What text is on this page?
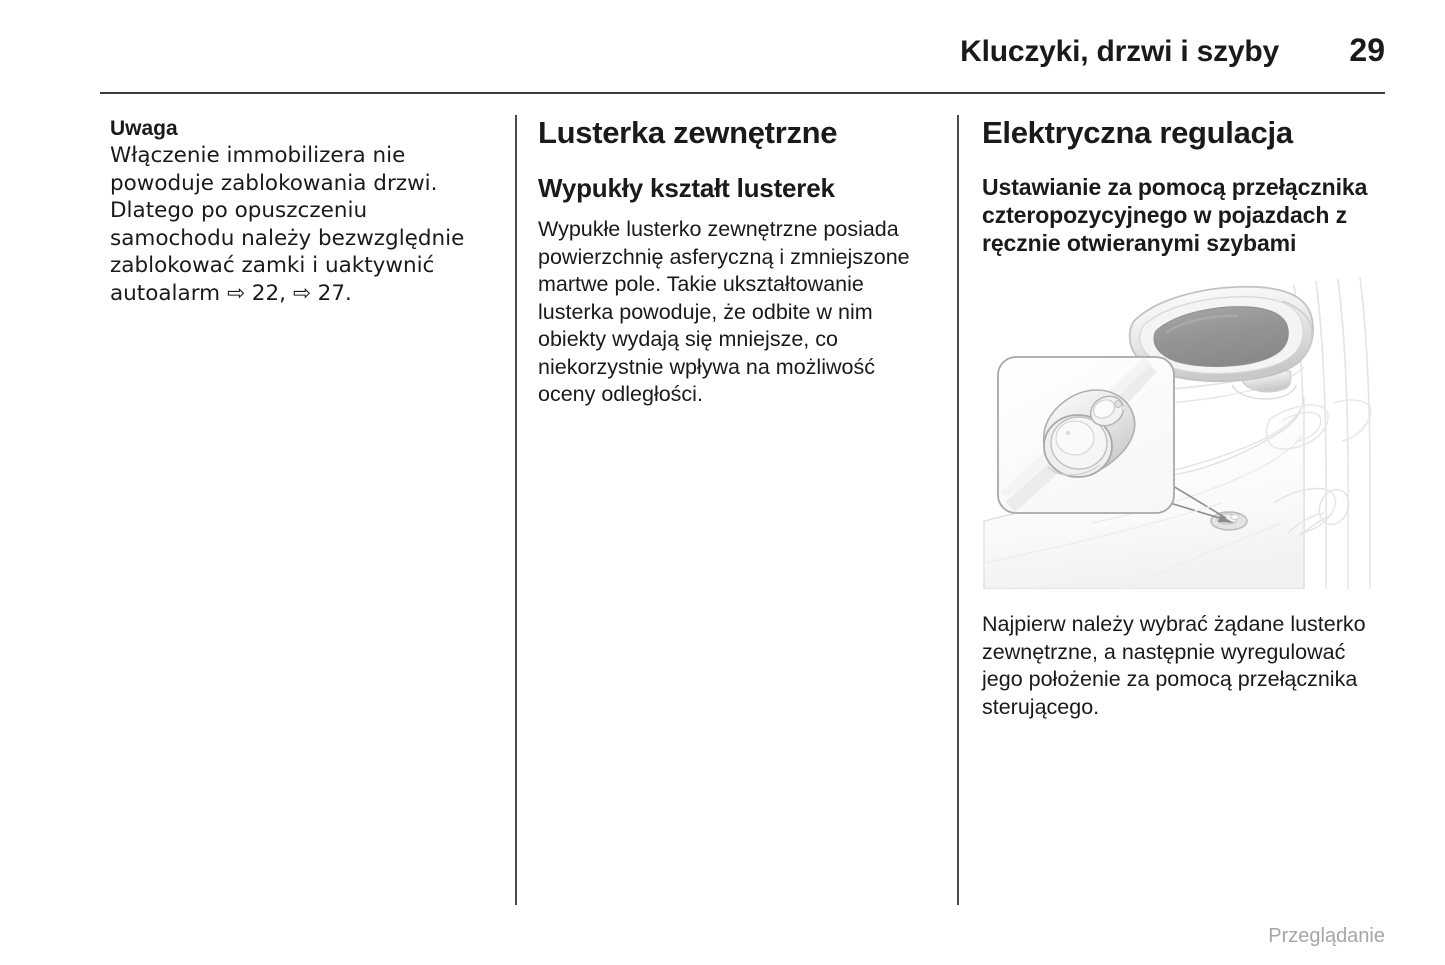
Kluczyki, drzwi i szyby	29
Uwaga

Włączenie immobilizera nie powoduje zablokowania drzwi. Dlatego po opuszczeniu samochodu należy bezwzględnie zablokować zamki i uaktywnić autoalarm ⇨ 22, ⇨ 27.

Lusterka zewnętrzne
Wypukły kształt lusterek

Wypukłe lusterko zewnętrzne posiada powierzchnię asferyczną i zmniejszone martwe pole. Takie ukształtowanie lusterka powoduje, że odbite w nim obiekty wydają się mniejsze, co niekorzystnie wpływa na możliwość oceny odległości.

Elektryczna regulacja
Ustawianie za pomocą przełącznika czteropozycyjnego w pojazdach z ręcznie otwieranymi szybami

Najpierw należy wybrać żądane lusterko zewnętrzne, a następnie wyregulować jego położenie za pomocą przełącznika sterującego.

Przeglądanie
